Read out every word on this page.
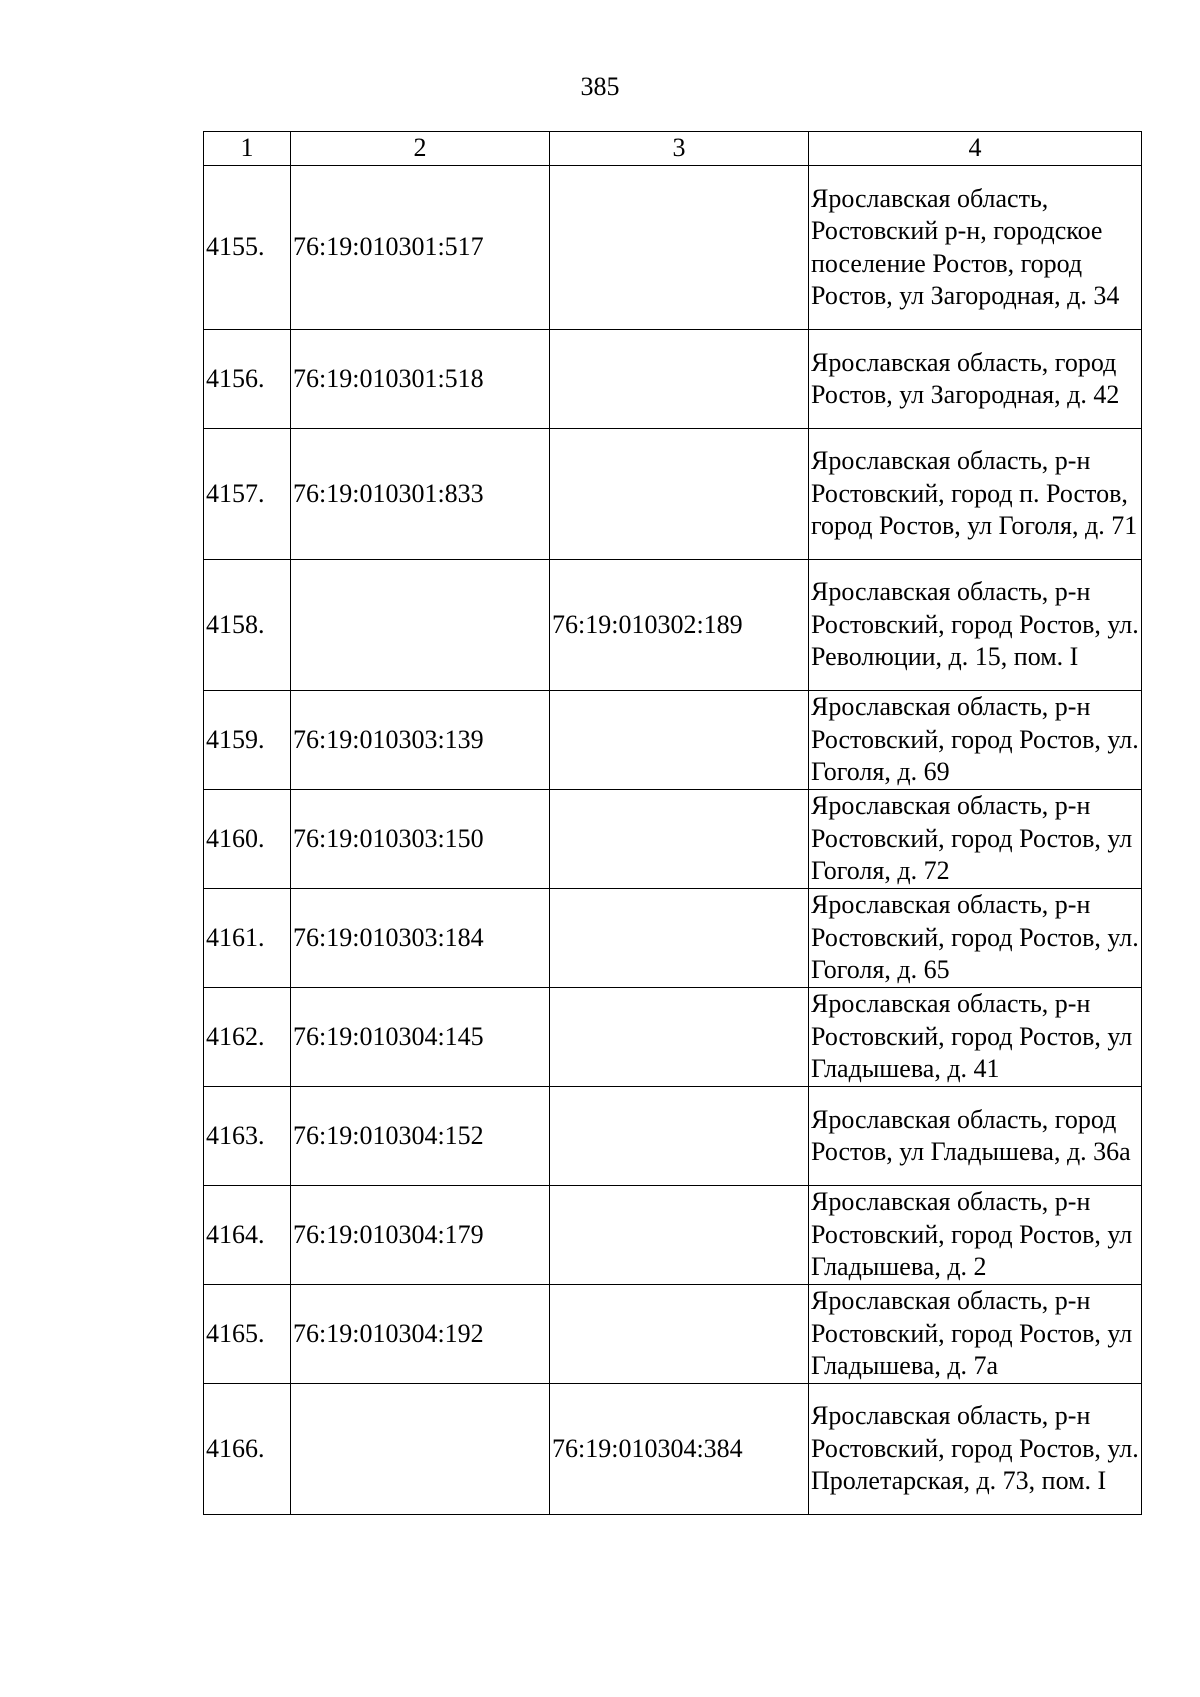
385
1	2	3	4
4155.	76:19:010301:517		Ярославская область, Ростовский р-н, городское поселение Ростов, город Ростов, ул Загородная, д. 34
4156.	76:19:010301:518		Ярославская область, город Ростов, ул Загородная, д. 42
4157.	76:19:010301:833		Ярославская область, р-н Ростовский, город п. Ростов, город Ростов, ул Гоголя, д. 71
4158.		76:19:010302:189	Ярославская область, р-н Ростовский, город Ростов, ул. Революции, д. 15, пом. I
4159.	76:19:010303:139		Ярославская область, р-н Ростовский, город Ростов, ул. Гоголя, д. 69
4160.	76:19:010303:150		Ярославская область, р-н Ростовский, город Ростов, ул Гоголя, д. 72
4161.	76:19:010303:184		Ярославская область, р-н Ростовский, город Ростов, ул. Гоголя, д. 65
4162.	76:19:010304:145		Ярославская область, р-н Ростовский, город Ростов, ул Гладышева, д. 41
4163.	76:19:010304:152		Ярославская область, город Ростов, ул Гладышева, д. 36а
4164.	76:19:010304:179		Ярославская область, р-н Ростовский, город Ростов, ул Гладышева, д. 2
4165.	76:19:010304:192		Ярославская область, р-н Ростовский, город Ростов, ул Гладышева, д. 7а
4166.		76:19:010304:384	Ярославская область, р-н Ростовский, город Ростов, ул. Пролетарская, д. 73, пом. I
